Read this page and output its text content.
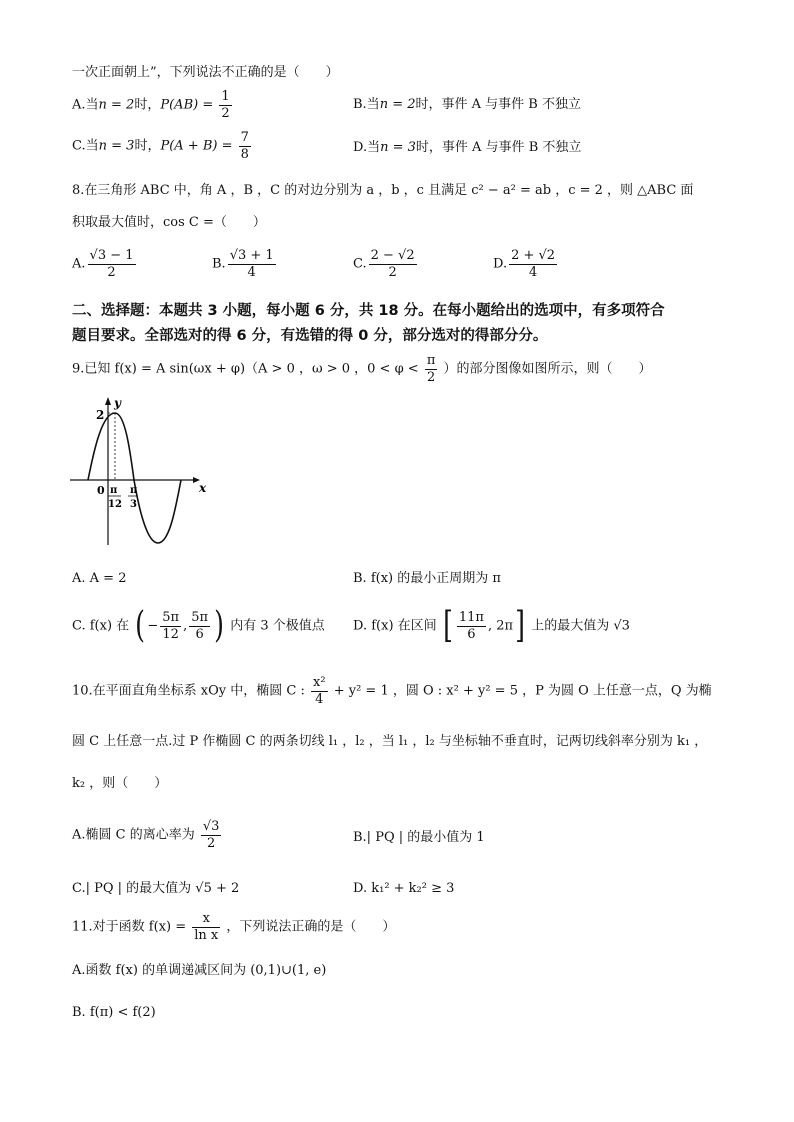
一次正面朝上”，下列说法不正确的是（　　）
A.当n = 2时，$P(AB) = \frac{1}{2}$	B.当n = 2时，事件 A 与事件 B 不独立
C.当n = 3时，$P(A + B) = \frac{7}{8}$	D.当n = 3时，事件 A 与事件 B 不独立
8.在三角形 ABC 中，角 A ，B ，C 的对边分别为 a ，b ，c 且满足 c² − a² = ab ，c = 2 ，则 △ABC 面
积取最大值时，cos C =（　　）
A. $\frac{√3 - 1}{2}$	B. $\frac{√3 + 1}{4}$	C. $\frac{2 - √2}{2}$	D. $\frac{2 + √2}{4}$
二、选择题：本题共 3 小题，每小题 6 分，共 18 分。在每小题给出的选项中，有多项符合
题目要求。全部选对的得 6 分，有选错的得 0 分，部分选对的得部分分。
9.已知 f(x) = A sin(ωx + φ)（A > 0 ，ω > 0 ，$0 < \varphi < \frac{\pi}{2}$ ）的部分图像如图所示，则（　　）
y
x
2
0 π
12
π
3
A. A = 2	B. f(x) 的最小正周期为 π
C. f(x) 在 ( − $\frac{5\pi}{12}$ , $\frac{5\pi}{6}$ ) 内有 3 个极值点 D. f(x) 在区间 [ $\frac{11\pi}{6}$ , 2π] 上的最大值为 √3
10.在平面直角坐标系 xOy 中，椭圆 C : $\frac{\text{x²}}{4} + y^2 = 1$ ，圆 O : x² + y² = 5 ，P 为圆 O 上任意一点，Q 为椭
圆 C 上任意一点.过 P 作椭圆 C 的两条切线 l₁ ，l₂ ，当 l₁ ，l₂ 与坐标轴不垂直时，记两切线斜率分别为 k₁ ，
k₂ ，则（　　）
A.椭圆 C 的离心率为 $\frac{√3}{2}$	B.| PQ | 的最小值为 1
C.| PQ | 的最大值为 √5 + 2	D. k₁² + k₂² ≥ 3
11.对于函数 $f(x) = \frac{x}{\text{ln x}}$ ，下列说法正确的是（　　）
A.函数 f(x) 的单调递减区间为 (0,1)∪(1, e)
B. f(π) < f(2)
